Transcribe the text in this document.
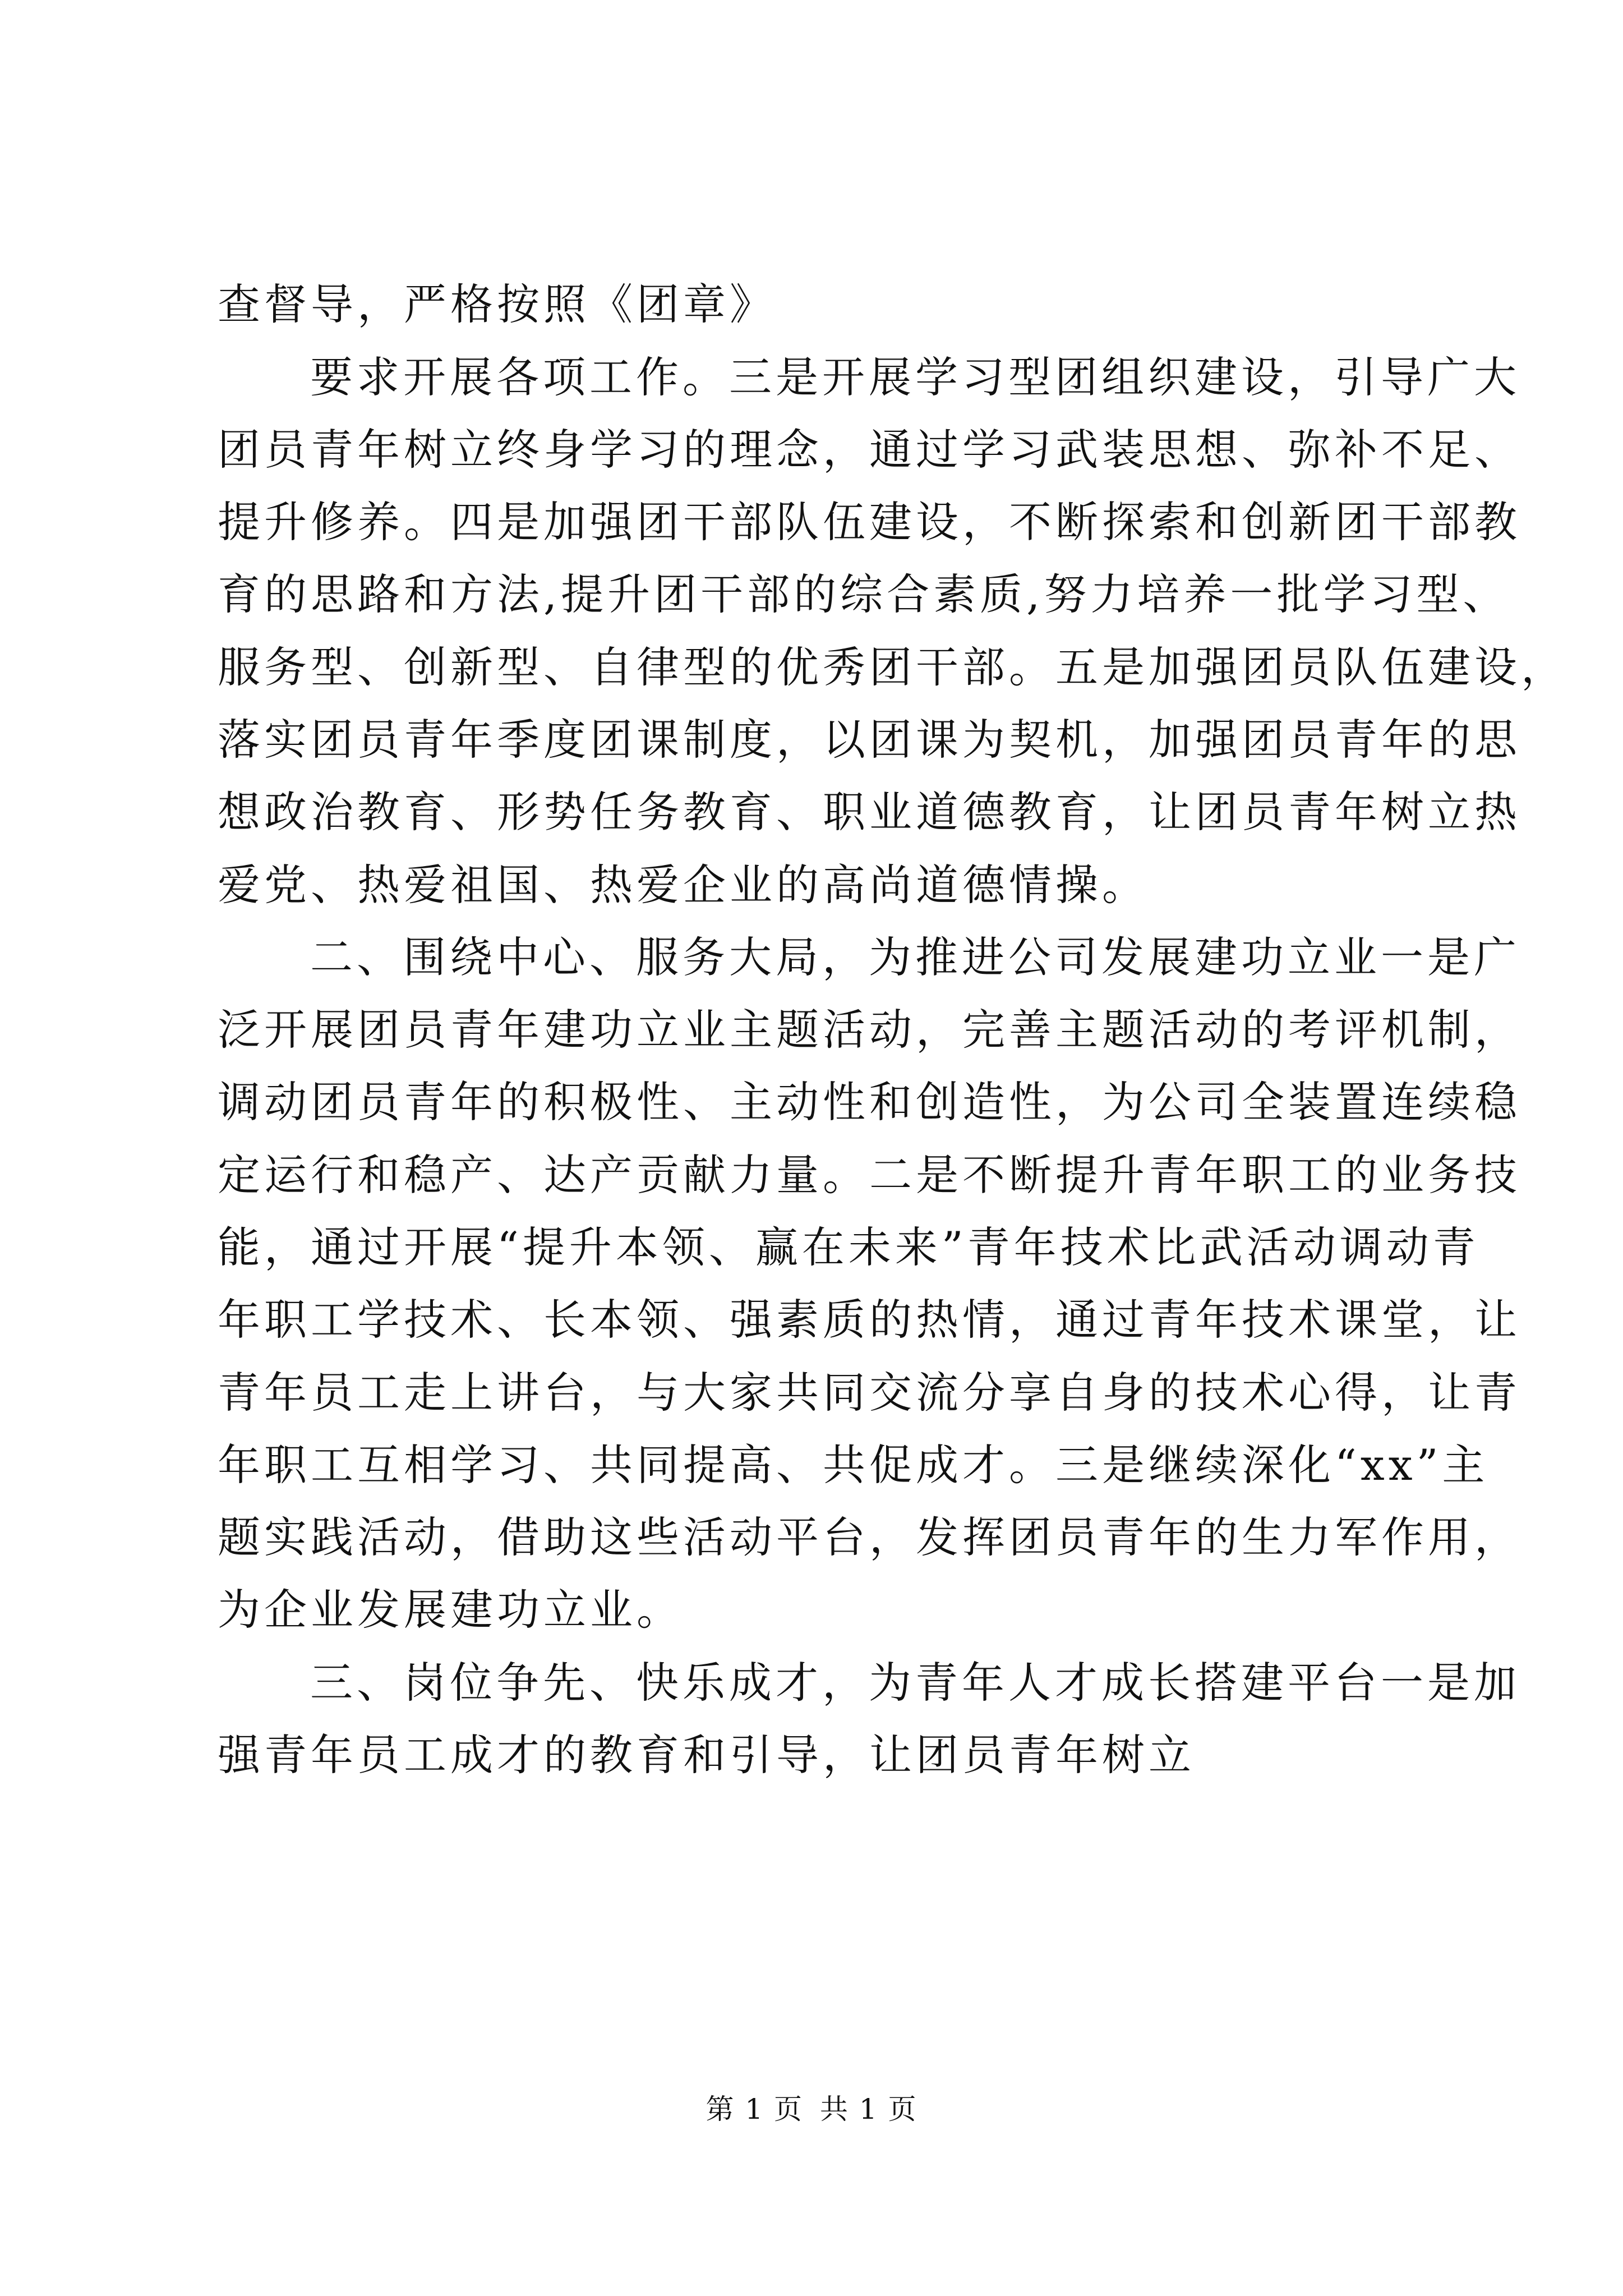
查督导，严格按照《团章》
要求开展各项工作。三是开展学习型团组织建设，引导广大
团员青年树立终身学习的理念，通过学习武装思想、弥补不足、
提升修养。四是加强团干部队伍建设，不断探索和创新团干部教
育的思路和方法,提升团干部的综合素质,努力培养一批学习型、
服务型、创新型、自律型的优秀团干部。五是加强团员队伍建设，
落实团员青年季度团课制度，以团课为契机，加强团员青年的思
想政治教育、形势任务教育、职业道德教育，让团员青年树立热
爱党、热爱祖国、热爱企业的高尚道德情操。
二、围绕中心、服务大局，为推进公司发展建功立业一是广
泛开展团员青年建功立业主题活动，完善主题活动的考评机制，
调动团员青年的积极性、主动性和创造性，为公司全装置连续稳
定运行和稳产、达产贡献力量。二是不断提升青年职工的业务技
能，通过开展“提升本领、赢在未来”青年技术比武活动调动青
年职工学技术、长本领、强素质的热情，通过青年技术课堂，让
青年员工走上讲台，与大家共同交流分享自身的技术心得，让青
年职工互相学习、共同提高、共促成才。三是继续深化“xx”主
题实践活动，借助这些活动平台，发挥团员青年的生力军作用，
为企业发展建功立业。
三、岗位争先、快乐成才，为青年人才成长搭建平台一是加
强青年员工成才的教育和引导，让团员青年树立
第 1 页 共 1 页
